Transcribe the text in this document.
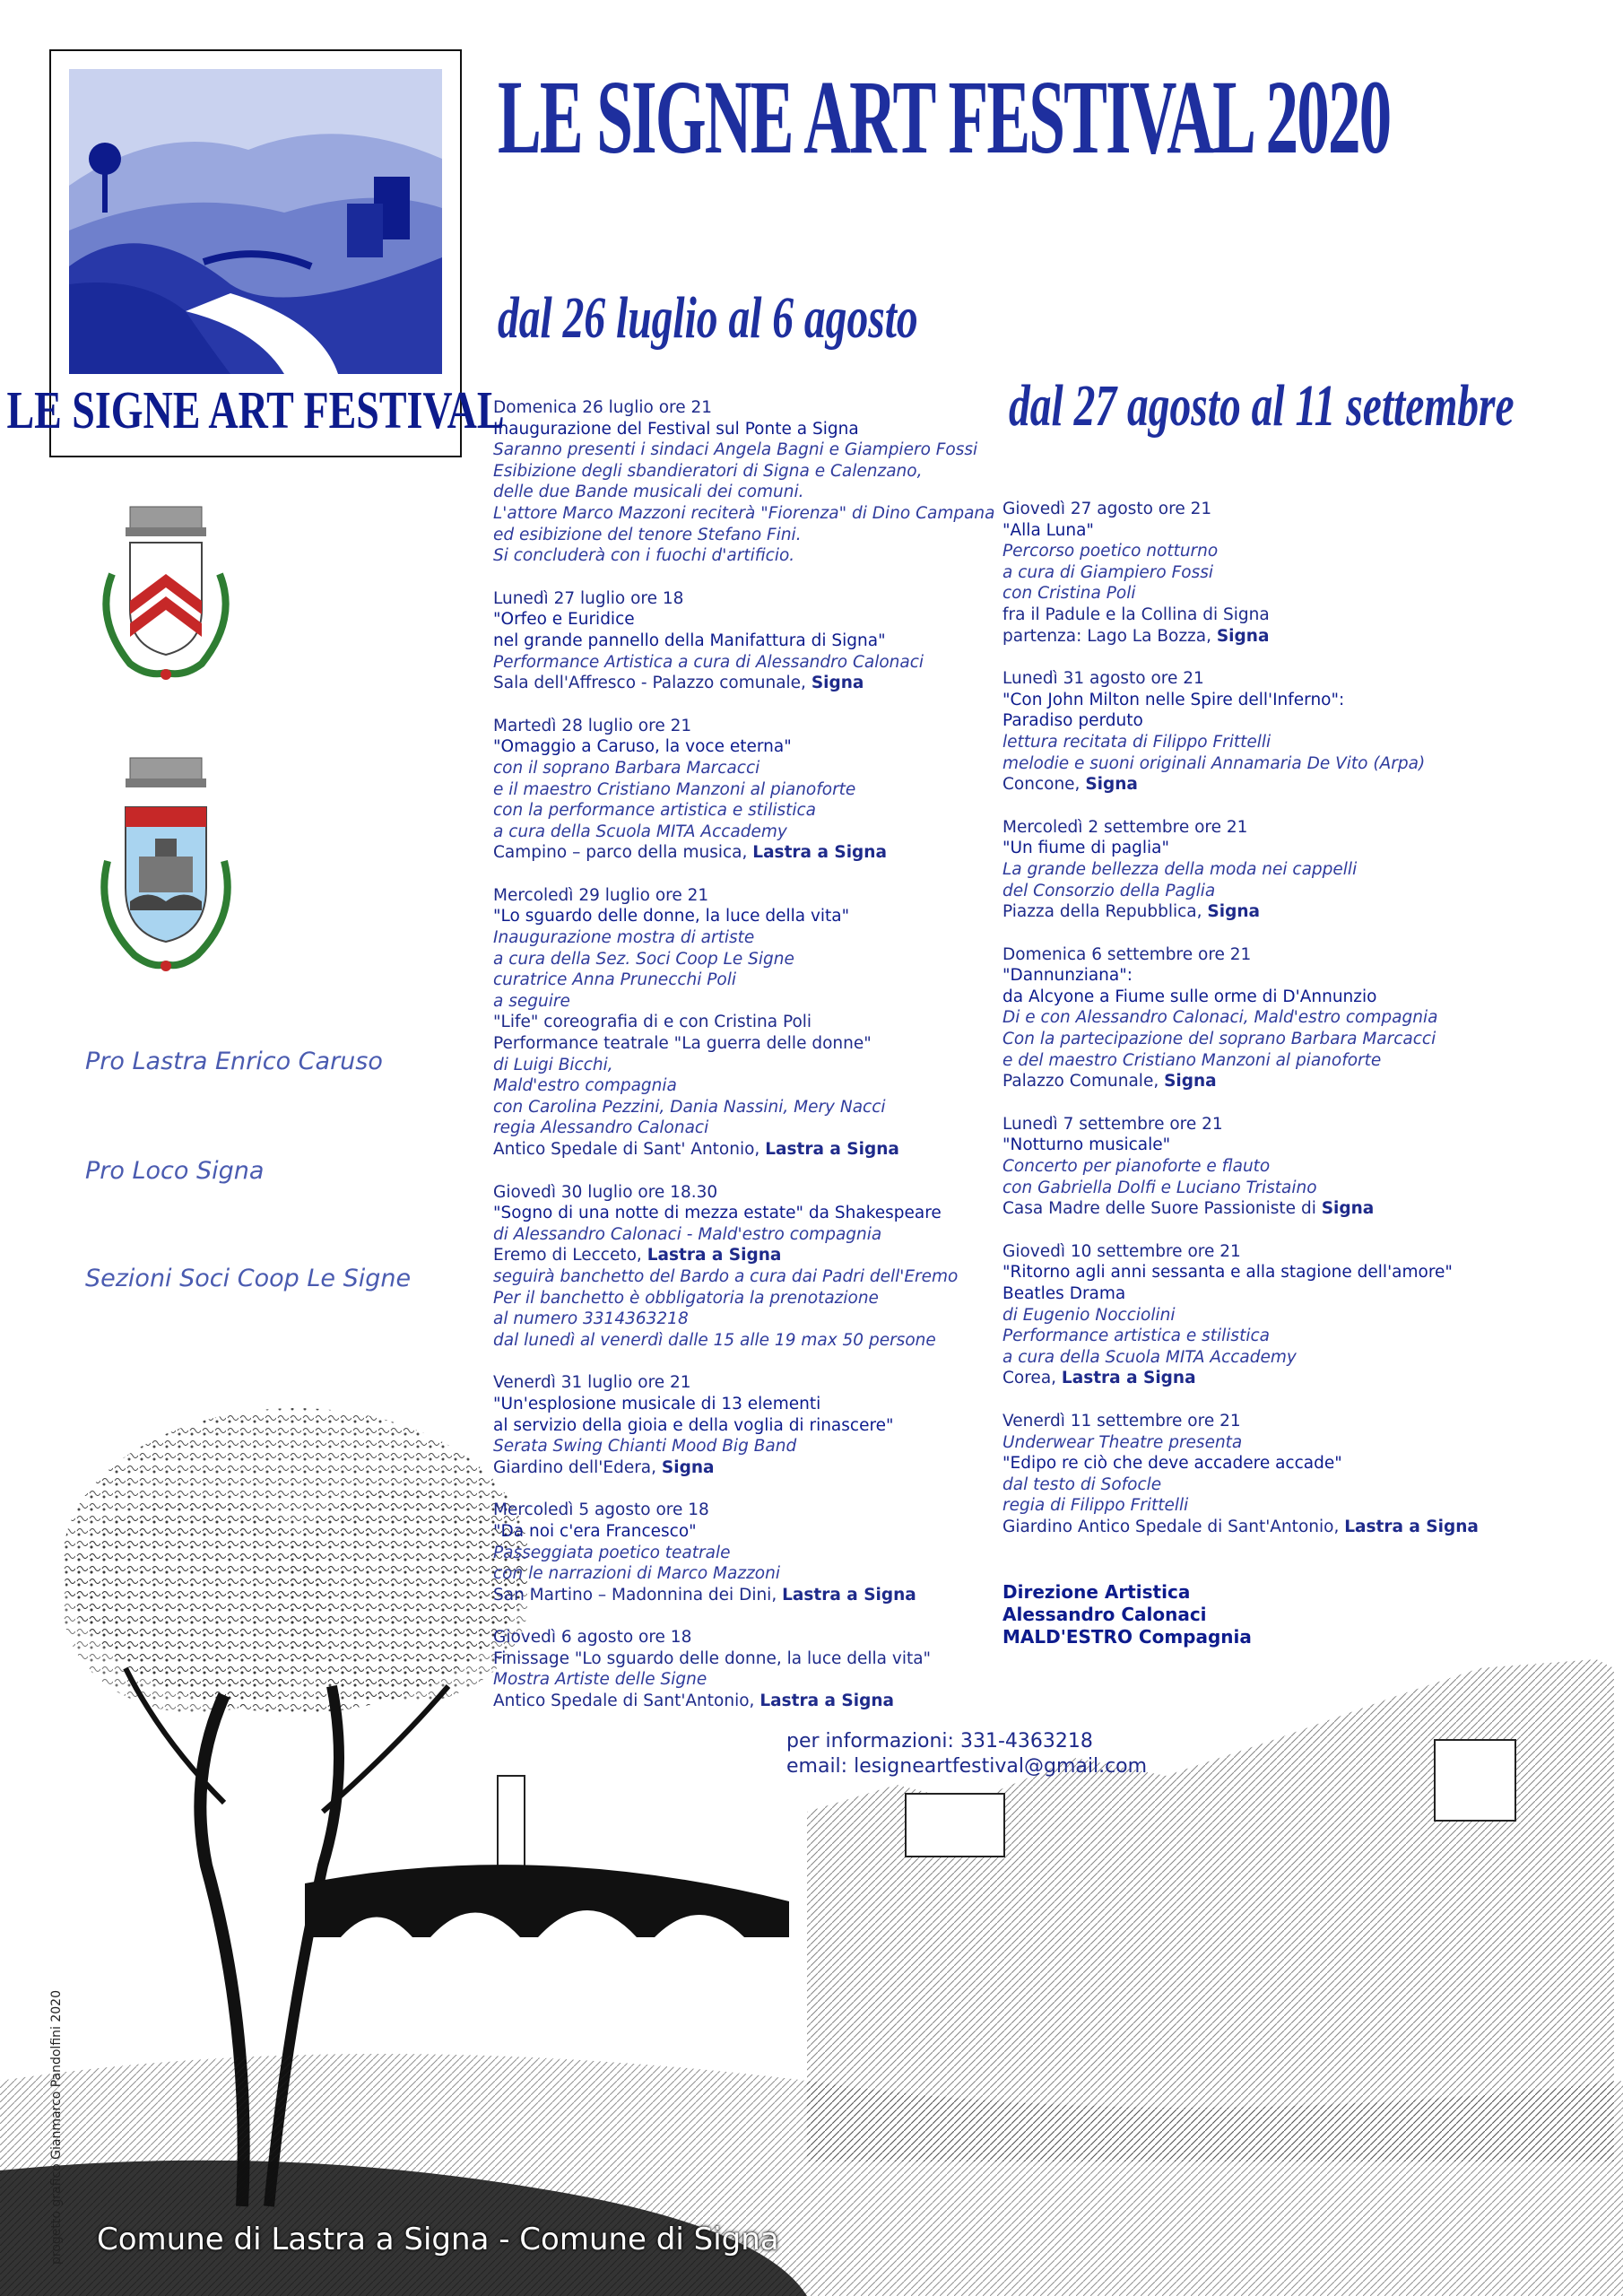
LE SIGNE ART FESTIVAL
LE SIGNE ART FESTIVAL 2020
dal 26 luglio al 6 agosto
dal 27 agosto al 11 settembre
Pro Lastra Enrico Caruso
Pro Loco Signa
Sezioni Soci Coop Le Signe
Domenica 26 luglio ore 21
Inaugurazione del Festival sul Ponte a Signa
Saranno presenti i sindaci Angela Bagni e Giampiero Fossi
Esibizione degli sbandieratori di Signa e Calenzano,
delle due Bande musicali dei comuni.
L'attore Marco Mazzoni reciterà "Fiorenza" di Dino Campana
ed esibizione del tenore Stefano Fini.
Si concluderà con i fuochi d'artificio.
Lunedì 27 luglio ore 18
"Orfeo e Euridice
nel grande pannello della Manifattura di Signa"
Performance Artistica a cura di Alessandro Calonaci
Sala dell'Affresco - Palazzo comunale, Signa
Martedì 28 luglio ore 21
"Omaggio a Caruso, la voce eterna"
con il soprano Barbara Marcacci
e il maestro Cristiano Manzoni al pianoforte
con la performance artistica e stilistica
a cura della Scuola MITA Accademy
Campino – parco della musica, Lastra a Signa
Mercoledì 29 luglio ore 21
"Lo sguardo delle donne, la luce della vita"
Inaugurazione mostra di artiste
a cura della Sez. Soci Coop Le Signe
curatrice Anna Prunecchi Poli
a seguire
"Life" coreografia di e con Cristina Poli
Performance teatrale "La guerra delle donne"
di Luigi Bicchi,
Mald'estro compagnia
con Carolina Pezzini, Dania Nassini, Mery Nacci
regia Alessandro Calonaci
Antico Spedale di Sant' Antonio, Lastra a Signa
Giovedì 30 luglio ore 18.30
"Sogno di una notte di mezza estate" da Shakespeare
di Alessandro Calonaci - Mald'estro compagnia
Eremo di Lecceto, Lastra a Signa
seguirà banchetto del Bardo a cura dai Padri dell'Eremo
Per il banchetto è obbligatoria la prenotazione
al numero 3314363218
dal lunedì al venerdì dalle 15 alle 19 max 50 persone
Venerdì 31 luglio ore 21
"Un'esplosione musicale di 13 elementi
al servizio della gioia e della voglia di rinascere"
Serata Swing Chianti Mood Big Band
Giardino dell'Edera, Signa
Mercoledì 5 agosto ore 18
"Da noi c'era Francesco"
Passeggiata poetico teatrale
con le narrazioni di Marco Mazzoni
San Martino – Madonnina dei Dini, Lastra a Signa
Giovedì 6 agosto ore 18
Finissage "Lo sguardo delle donne, la luce della vita"
Mostra Artiste delle Signe
Antico Spedale di Sant'Antonio, Lastra a Signa
Giovedì 27 agosto ore 21
"Alla Luna"
Percorso poetico notturno
a cura di Giampiero Fossi
con Cristina Poli
fra il Padule e la Collina di Signa
partenza: Lago La Bozza, Signa
Lunedì 31 agosto ore 21
"Con John Milton nelle Spire dell'Inferno":
Paradiso perduto
lettura recitata di Filippo Frittelli
melodie e suoni originali Annamaria De Vito (Arpa)
Concone, Signa
Mercoledì 2 settembre ore 21
"Un fiume di paglia"
La grande bellezza della moda nei cappelli
del Consorzio della Paglia
Piazza della Repubblica, Signa
Domenica 6 settembre ore 21
"Dannunziana":
da Alcyone a Fiume sulle orme di D'Annunzio
Di e con Alessandro Calonaci, Mald'estro compagnia
Con la partecipazione del soprano Barbara Marcacci
e del maestro Cristiano Manzoni al pianoforte
Palazzo Comunale, Signa
Lunedì 7 settembre ore 21
"Notturno musicale"
Concerto per pianoforte e flauto
con Gabriella Dolfi e Luciano Tristaino
Casa Madre delle Suore Passioniste di Signa
Giovedì 10 settembre ore 21
"Ritorno agli anni sessanta e alla stagione dell'amore"
Beatles Drama
di Eugenio Nocciolini
Performance artistica e stilistica
a cura della Scuola MITA Accademy
Corea, Lastra a Signa
Venerdì 11 settembre ore 21
Underwear Theatre presenta
"Edipo re ciò che deve accadere accade"
dal testo di Sofocle
regia di Filippo Frittelli
Giardino Antico Spedale di Sant'Antonio, Lastra a Signa
Direzione Artistica
Alessandro Calonaci
MALD'ESTRO Compagnia
per informazioni: 331-4363218
email: lesigneartfestival@gmail.com
progetto grafico Gianmarco Pandolfini 2020 Comune di Lastra a Signa - Comune di Signa
